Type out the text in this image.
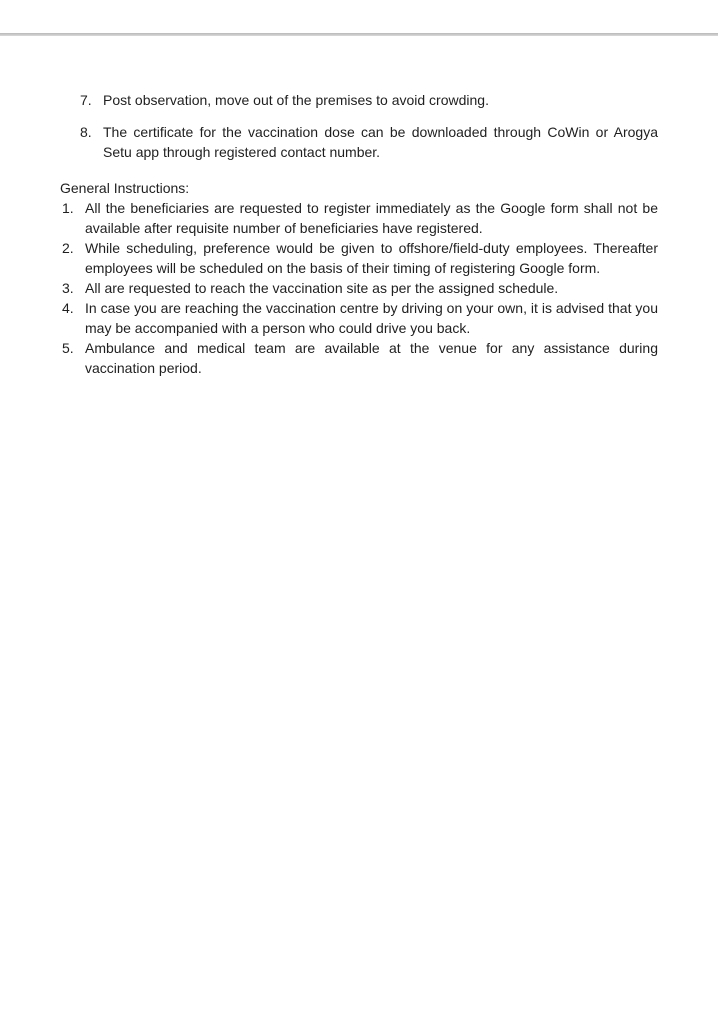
7. Post observation, move out of the premises to avoid crowding.
8. The certificate for the vaccination dose can be downloaded through CoWin or Arogya Setu app through registered contact number.
General Instructions:
1. All the beneficiaries are requested to register immediately as the Google form shall not be available after requisite number of beneficiaries have registered.
2. While scheduling, preference would be given to offshore/field-duty employees. Thereafter employees will be scheduled on the basis of their timing of registering Google form.
3. All are requested to reach the vaccination site as per the assigned schedule.
4. In case you are reaching the vaccination centre by driving on your own, it is advised that you may be accompanied with a person who could drive you back.
5. Ambulance and medical team are available at the venue for any assistance during vaccination period.
